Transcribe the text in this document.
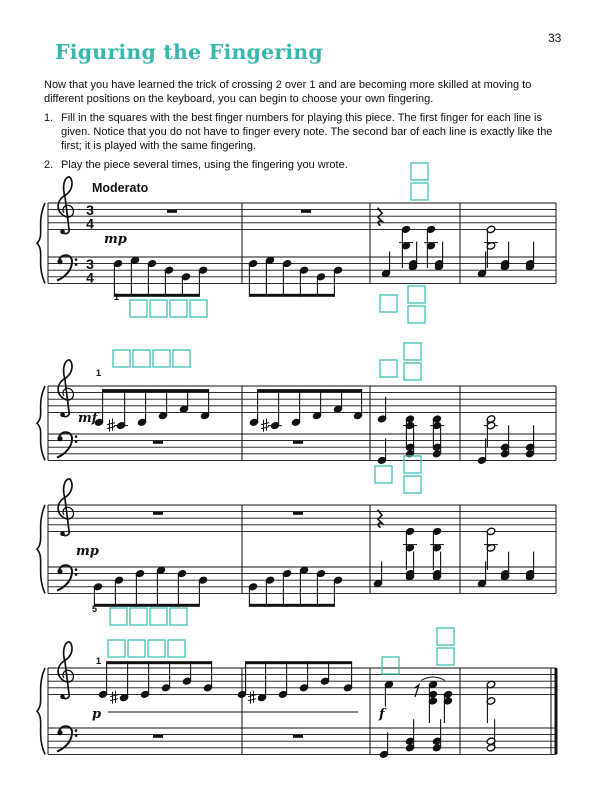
33
Figuring the Fingering

Now that you have learned the trick of crossing 2 over 1 and are becoming more skilled at moving to different positions on the keyboard, you can begin to choose your own fingering.

1. Fill in the squares with the best finger numbers for playing this piece. The first finger for each line is given. Notice that you do not have to finger every note. The second bar of each line is exactly like the first; it is played with the same fingering.
2. Play the piece several times, using the fingering you wrote.
Moderato
3
3
4
4
mp
1
1
mf
mp
5
1
p	f
